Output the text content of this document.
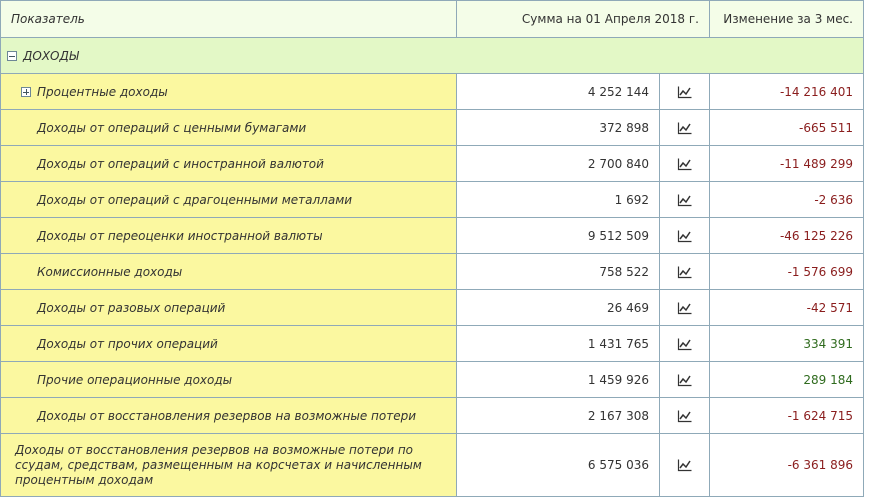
Показатель	Сумма на 01 Апреля 2018 г.		Изменение за 3 мес.
ДОХОДЫ			
Процентные доходы	4 252 144		-14 216 401
Доходы от операций с ценными бумагами	372 898		-665 511
Доходы от операций с иностранной валютой	2 700 840		-11 489 299
Доходы от операций с драгоценными металлами	1 692		-2 636
Доходы от переоценки иностранной валюты	9 512 509		-46 125 226
Комиссионные доходы	758 522		-1 576 699
Доходы от разовых операций	26 469		-42 571
Доходы от прочих операций	1 431 765		334 391
Прочие операционные доходы	1 459 926		289 184
Доходы от восстановления резервов на возможные потери	2 167 308		-1 624 715
Доходы от восстановления резервов на возможные потери по ссудам, средствам, размещенным на корсчетах и начисленным процентным доходам	6 575 036		-6 361 896
